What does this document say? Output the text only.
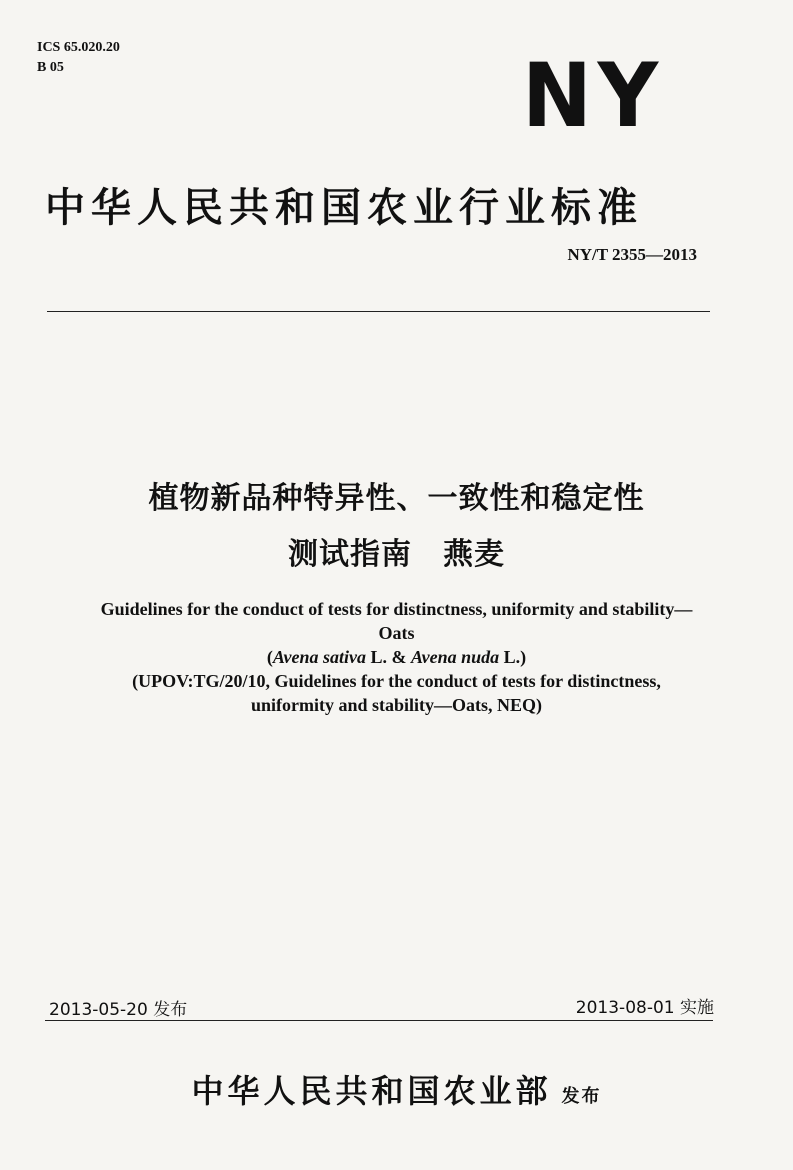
ICS 65.020.20
B 05	NY
中华人民共和国农业行业标准
NY/T 2355—2013
植物新品种特异性、一致性和稳定性
测试指南　燕麦
Guidelines for the conduct of tests for distinctness, uniformity and stability—
Oats
(Avena sativa L. & Avena nuda L.)
(UPOV:TG/20/10, Guidelines for the conduct of tests for distinctness,
uniformity and stability—Oats, NEQ)
2013-05-20 发布	2013-08-01 实施
中华人民共和国农业部 发布
